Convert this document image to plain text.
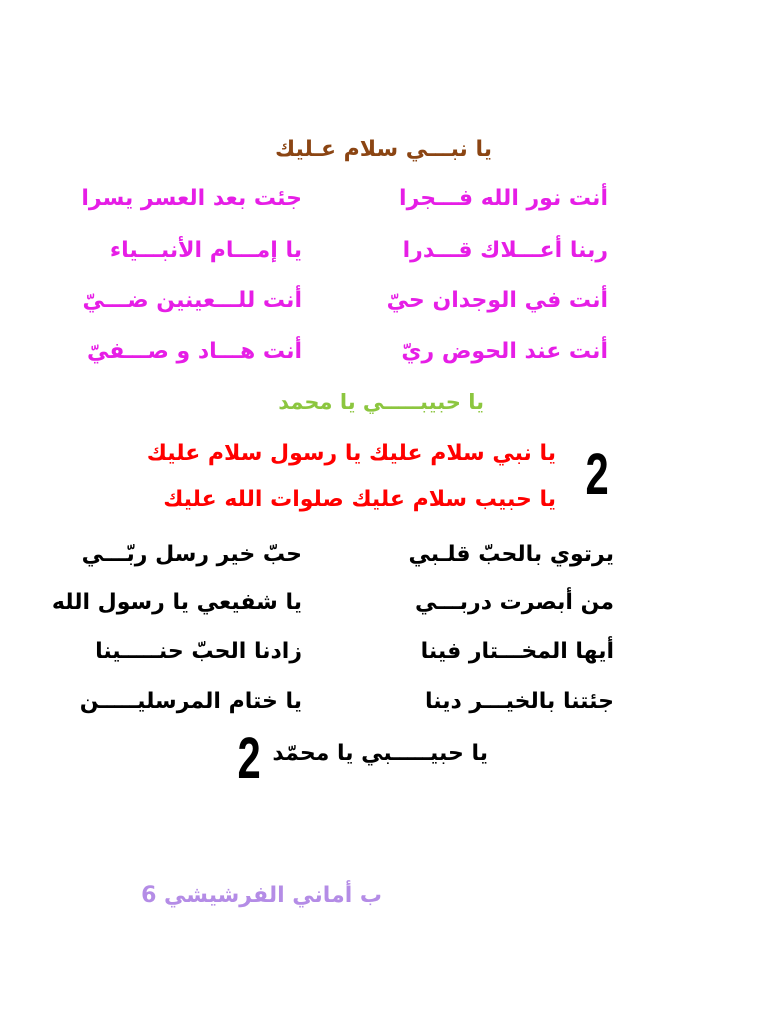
يا نبـــي سلام عـليك
أنت نور الله فـــجرا
جئت بعد العسر يسرا
ربنا أعـــلاك قـــدرا
يا إمـــام الأنبـــياء
أنت في الوجدان حيّ
أنت للـــعينين ضـــيّ
أنت عند الحوض ريّ
أنت هـــاد و صـــفيّ
يا حبيبـــــي يا محمد
يا نبي سلام عليك يا رسول سلام عليك
يا حبيب سلام عليك صلوات الله عليك 2
يرتوي بالحبّ قلـبي
حبّ خير رسل ربّـــي
من أبصرت دربـــي
يا شفيعي يا رسول الله
أيها المخـــتار فينا
زادنا الحبّ حنـــــينا
جئتنا بالخيـــر دينا
يا ختام المرسليـــــن
يا حبيـــــبي يا محمّد
2
ب أماني الفرشيشي 6
